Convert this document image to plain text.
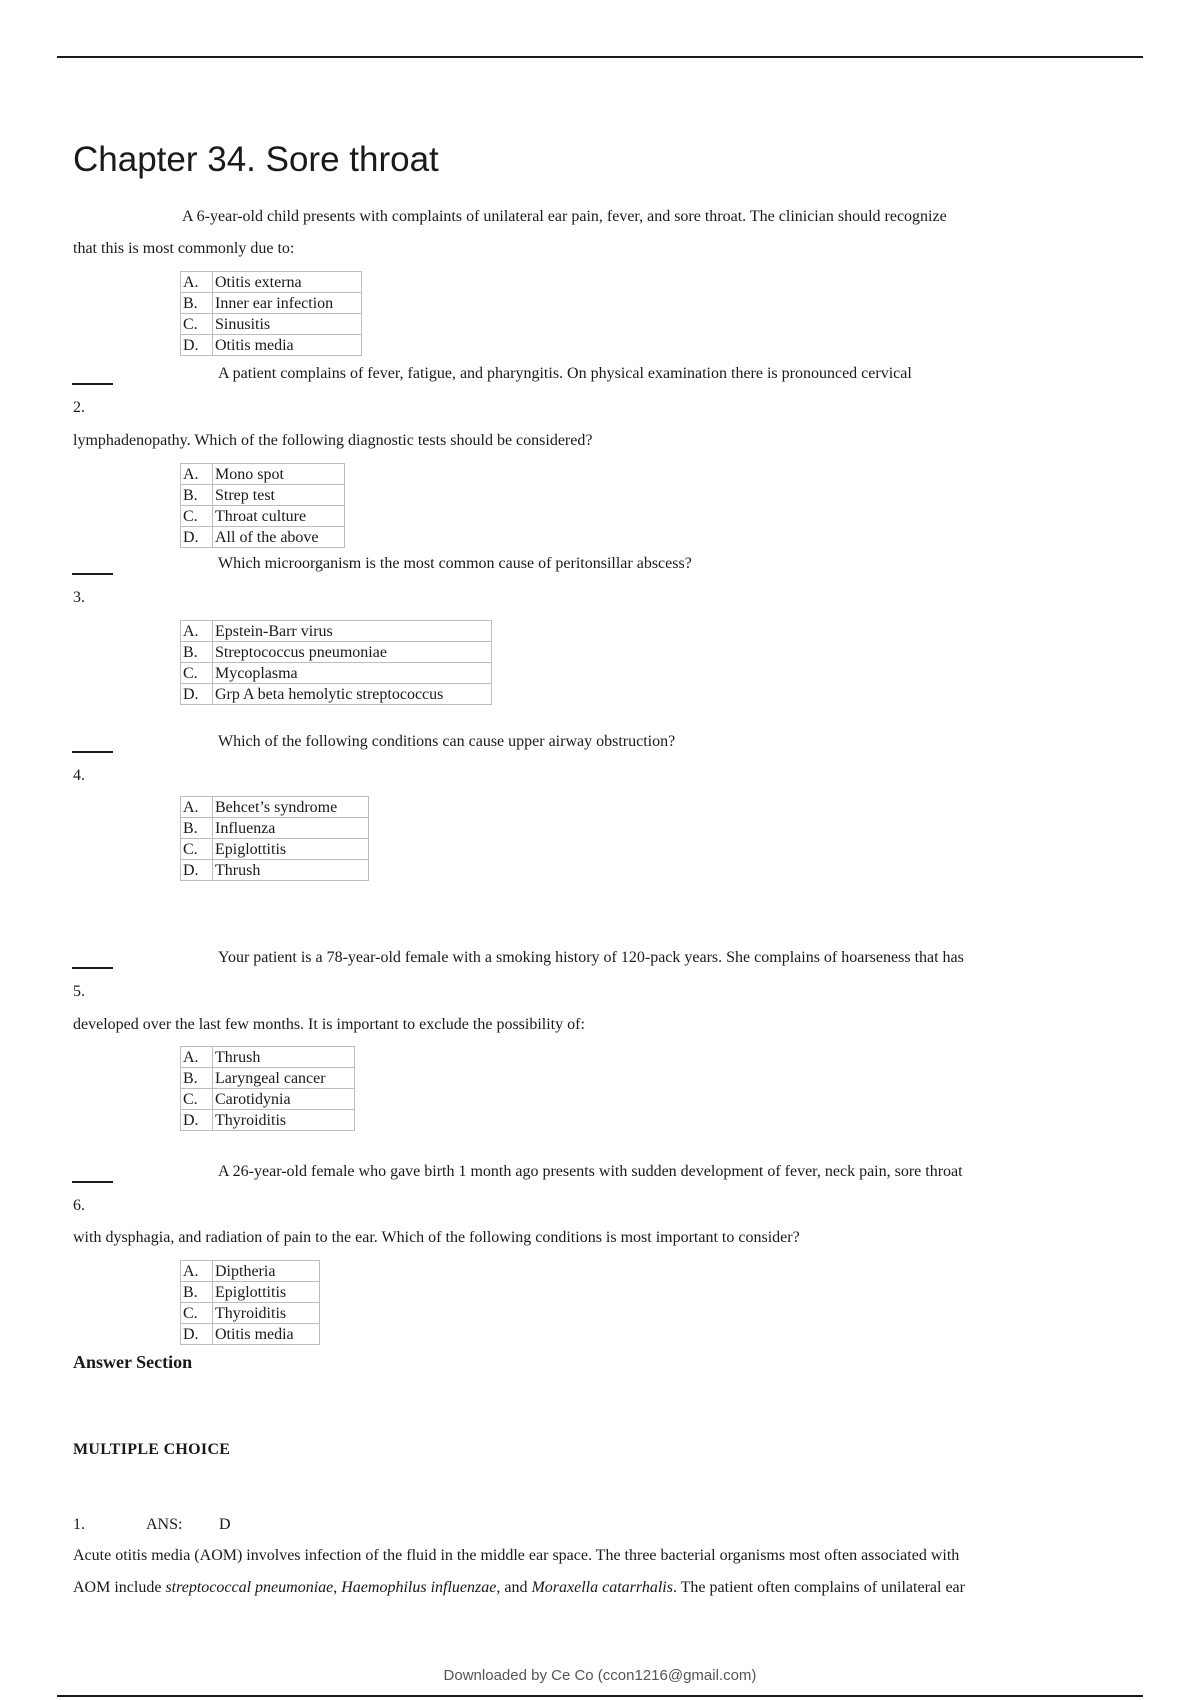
Chapter 34. Sore throat
A 6-year-old child presents with complaints of unilateral ear pain, fever, and sore throat. The clinician should recognize
that this is most commonly due to:
A.	Otitis externa
B.	Inner ear infection
C.	Sinusitis
D.	Otitis media
A patient complains of fever, fatigue, and pharyngitis. On physical examination there is pronounced cervical
2.
lymphadenopathy. Which of the following diagnostic tests should be considered?
A.	Mono spot
B.	Strep test
C.	Throat culture
D.	All of the above
Which microorganism is the most common cause of peritonsillar abscess?
3.
A.	Epstein-Barr virus
B.	Streptococcus pneumoniae
C.	Mycoplasma
D.	Grp A beta hemolytic streptococcus
Which of the following conditions can cause upper airway obstruction?
4.
A.	Behcet’s syndrome
B.	Influenza
C.	Epiglottitis
D.	Thrush
Your patient is a 78-year-old female with a smoking history of 120-pack years. She complains of hoarseness that has
5.
developed over the last few months. It is important to exclude the possibility of:
A.	Thrush
B.	Laryngeal cancer
C.	Carotidynia
D.	Thyroiditis
A 26-year-old female who gave birth 1 month ago presents with sudden development of fever, neck pain, sore throat
6.
with dysphagia, and radiation of pain to the ear. Which of the following conditions is most important to consider?
A.	Diptheria
B.	Epiglottitis
C.	Thyroiditis
D.	Otitis media
Answer Section
MULTIPLE CHOICE
1.	ANS: D
Acute otitis media (AOM) involves infection of the fluid in the middle ear space. The three bacterial organisms most often associated with
AOM include streptococcal pneumoniae, Haemophilus influenzae, and Moraxella catarrhalis. The patient often complains of unilateral ear
Downloaded by Ce Co (ccon1216@gmail.com)
